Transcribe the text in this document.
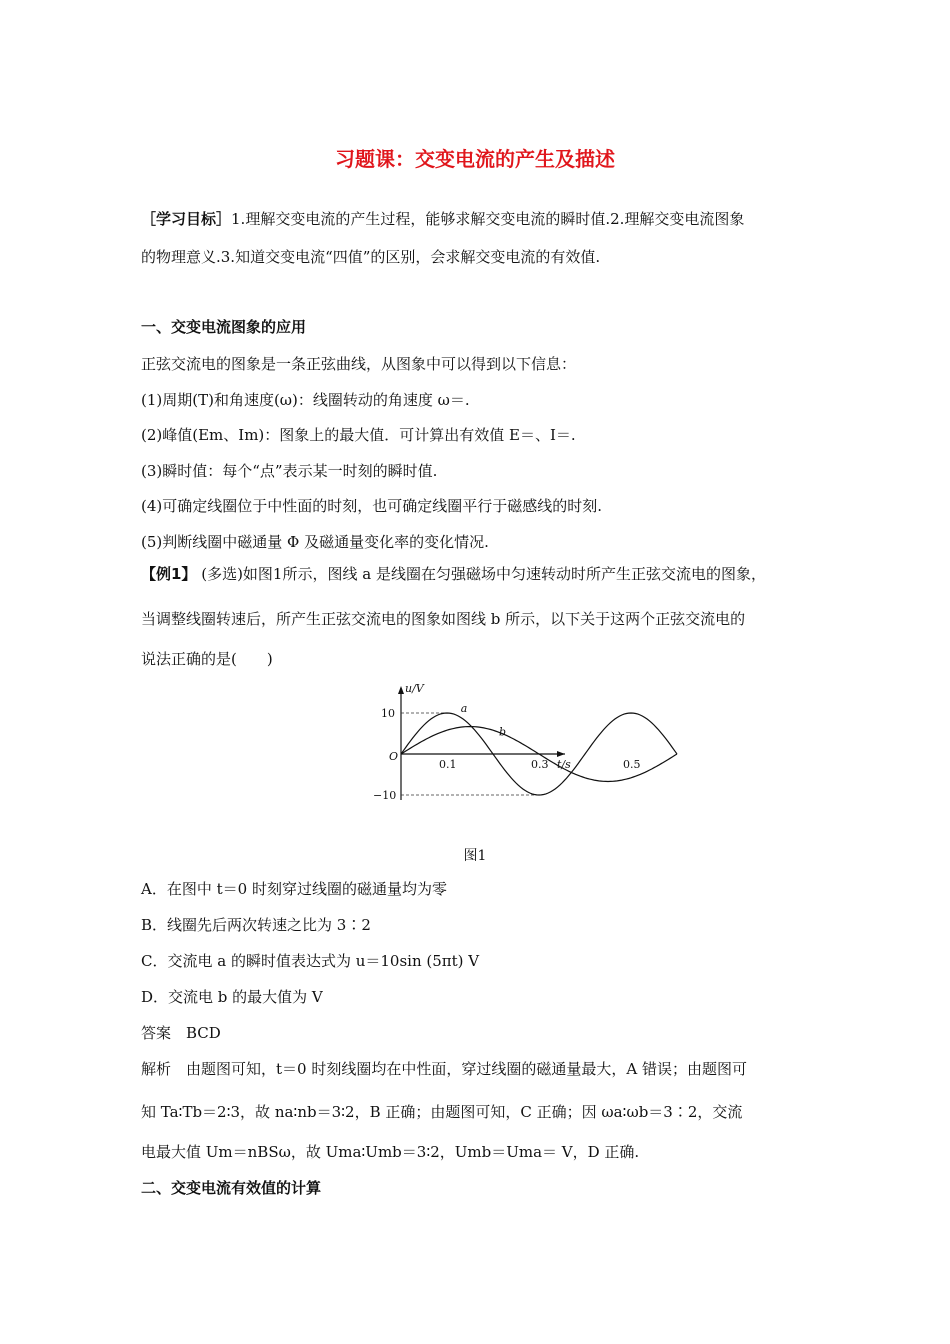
习题课：交变电流的产生及描述
［学习目标］1.理解交变电流的产生过程，能够求解交变电流的瞬时值.2.理解交变电流图象
的物理意义.3.知道交变电流“四值”的区别，会求解交变电流的有效值.
一、交变电流图象的应用
正弦交流电的图象是一条正弦曲线，从图象中可以得到以下信息：
(1)周期(T)和角速度(ω)：线圈转动的角速度 ω＝.
(2)峰值(Em、Im)：图象上的最大值．可计算出有效值 E＝、I＝.
(3)瞬时值：每个“点”表示某一时刻的瞬时值.
(4)可确定线圈位于中性面的时刻，也可确定线圈平行于磁感线的时刻.
(5)判断线圈中磁通量 Φ 及磁通量变化率的变化情况.
【例1】 (多选)如图1所示，图线 a 是线圈在匀强磁场中匀速转动时所产生正弦交流电的图象，
当调整线圈转速后，所产生正弦交流电的图象如图线 b 所示，以下关于这两个正弦交流电的
说法正确的是(　　)
u/V
t/s
O
10
−10
0.1	0.3	0.5
a
b
图1
A．在图中 t＝0 时刻穿过线圈的磁通量均为零
B．线圈先后两次转速之比为 3∶2
C．交流电 a 的瞬时值表达式为 u＝10sin (5πt) V
D．交流电 b 的最大值为 V
答案　BCD
解析　由题图可知，t＝0 时刻线圈均在中性面，穿过线圈的磁通量最大，A 错误；由题图可
知 Ta∶Tb＝2∶3，故 na∶nb＝3∶2，B 正确；由题图可知，C 正确；因 ωa∶ωb＝3∶2，交流
电最大值 Um＝nBSω，故 Uma∶Umb＝3∶2，Umb＝Uma＝ V，D 正确.
二、交变电流有效值的计算
